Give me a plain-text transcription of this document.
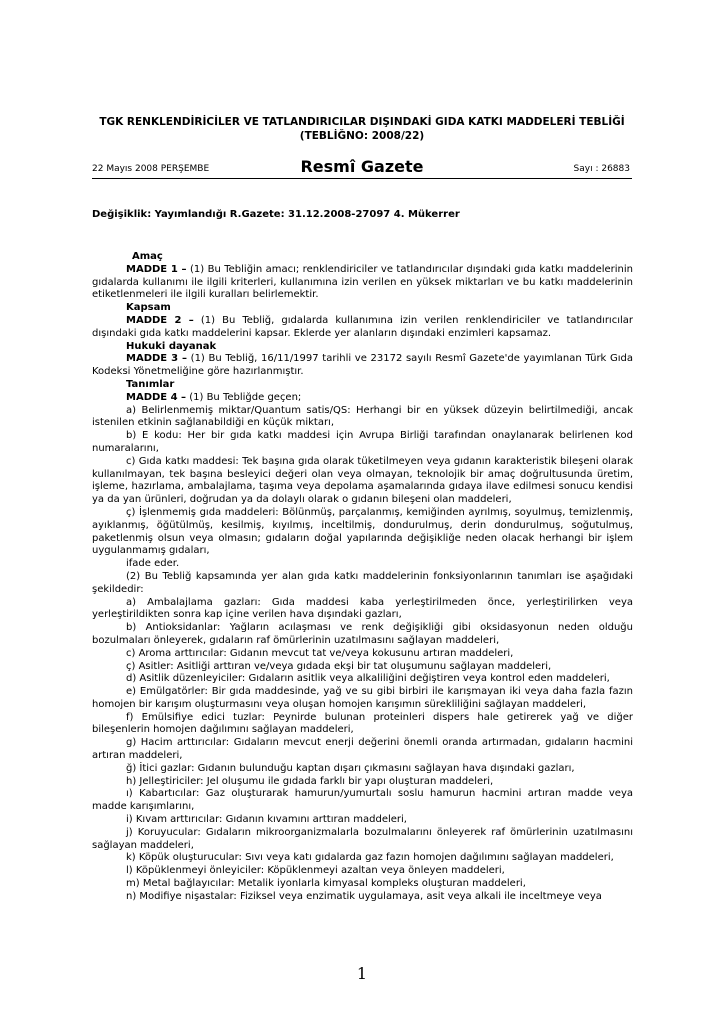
TGK RENKLENDİRİCİLER VE TATLANDIRICILAR DIŞINDAKİ GIDA KATKI MADDELERİ TEBLİĞİ
(TEBLİĞNO: 2008/22)
22 Mayıs 2008 PERŞEMBE	Resmî Gazete	Sayı : 26883
Değişiklik: Yayımlandığı R.Gazete: 31.12.2008-27097 4. Mükerrer
Amaç

MADDE 1 – (1) Bu Tebliğin amacı; renklendiriciler ve tatlandırıcılar dışındaki gıda katkı maddelerinin gıdalarda kullanımı ile ilgili kriterleri, kullanımına izin verilen en yüksek miktarları ve bu katkı maddelerinin etiketlenmeleri ile ilgili kuralları belirlemektir.

Kapsam

MADDE 2 – (1) Bu Tebliğ, gıdalarda kullanımına izin verilen renklendiriciler ve tatlandırıcılar dışındaki gıda katkı maddelerini kapsar. Eklerde yer alanların dışındaki enzimleri kapsamaz.

Hukuki dayanak

MADDE 3 – (1) Bu Tebliğ, 16/11/1997 tarihli ve 23172 sayılı Resmî Gazete'de yayımlanan Türk Gıda Kodeksi Yönetmeliğine göre hazırlanmıştır.

Tanımlar

MADDE 4 – (1) Bu Tebliğde geçen;

a) Belirlenmemiş miktar/Quantum satis/QS: Herhangi bir en yüksek düzeyin belirtilmediği, ancak istenilen etkinin sağlanabildiği en küçük miktarı,

b) E kodu: Her bir gıda katkı maddesi için Avrupa Birliği tarafından onaylanarak belirlenen kod numaralarını,

c) Gıda katkı maddesi: Tek başına gıda olarak tüketilmeyen veya gıdanın karakteristik bileşeni olarak kullanılmayan, tek başına besleyici değeri olan veya olmayan, teknolojik bir amaç doğrultusunda üretim, işleme, hazırlama, ambalajlama, taşıma veya depolama aşamalarında gıdaya ilave edilmesi sonucu kendisi ya da yan ürünleri, doğrudan ya da dolaylı olarak o gıdanın bileşeni olan maddeleri,

ç) İşlenmemiş gıda maddeleri: Bölünmüş, parçalanmış, kemiğinden ayrılmış, soyulmuş, temizlenmiş, ayıklanmış, öğütülmüş, kesilmiş, kıyılmış, inceltilmiş, dondurulmuş, derin dondurulmuş, soğutulmuş, paketlenmiş olsun veya olmasın; gıdaların doğal yapılarında değişikliğe neden olacak herhangi bir işlem uygulanmamış gıdaları,

ifade eder.

(2) Bu Tebliğ kapsamında yer alan gıda katkı maddelerinin fonksiyonlarının tanımları ise aşağıdaki şekildedir:

a) Ambalajlama gazları: Gıda maddesi kaba yerleştirilmeden önce, yerleştirilirken veya yerleştirildikten sonra kap içine verilen hava dışındaki gazları,

b) Antioksidanlar: Yağların acılaşması ve renk değişikliği gibi oksidasyonun neden olduğu bozulmaları önleyerek, gıdaların raf ömürlerinin uzatılmasını sağlayan maddeleri,

c) Aroma arttırıcılar: Gıdanın mevcut tat ve/veya kokusunu artıran maddeleri,

ç) Asitler: Asitliği arttıran ve/veya gıdada ekşi bir tat oluşumunu sağlayan maddeleri,

d) Asitlik düzenleyiciler: Gıdaların asitlik veya alkaliliğini değiştiren veya kontrol eden maddeleri,

e) Emülgatörler: Bir gıda maddesinde, yağ ve su gibi birbiri ile karışmayan iki veya daha fazla fazın homojen bir karışım oluşturmasını veya oluşan homojen karışımın sürekliliğini sağlayan maddeleri,

f) Emülsifiye edici tuzlar: Peynirde bulunan proteinleri dispers hale getirerek yağ ve diğer bileşenlerin homojen dağılımını sağlayan maddeleri,

g) Hacim arttırıcılar: Gıdaların mevcut enerji değerini önemli oranda artırmadan, gıdaların hacmini artıran maddeleri,

ğ) İtici gazlar: Gıdanın bulunduğu kaptan dışarı çıkmasını sağlayan hava dışındaki gazları,

h) Jelleştiriciler: Jel oluşumu ile gıdada farklı bir yapı oluşturan maddeleri,

ı) Kabartıcılar: Gaz oluşturarak hamurun/yumurtalı soslu hamurun hacmini artıran madde veya madde karışımlarını,

i) Kıvam arttırıcılar: Gıdanın kıvamını arttıran maddeleri,

j) Koruyucular: Gıdaların mikroorganizmalarla bozulmalarını önleyerek raf ömürlerinin uzatılmasını sağlayan maddeleri,

k) Köpük oluşturucular: Sıvı veya katı gıdalarda gaz fazın homojen dağılımını sağlayan maddeleri,

l) Köpüklenmeyi önleyiciler: Köpüklenmeyi azaltan veya önleyen maddeleri,

m) Metal bağlayıcılar: Metalik iyonlarla kimyasal kompleks oluşturan maddeleri,

n) Modifiye nişastalar: Fiziksel veya enzimatik uygulamaya, asit veya alkali ile inceltmeye veya

1
